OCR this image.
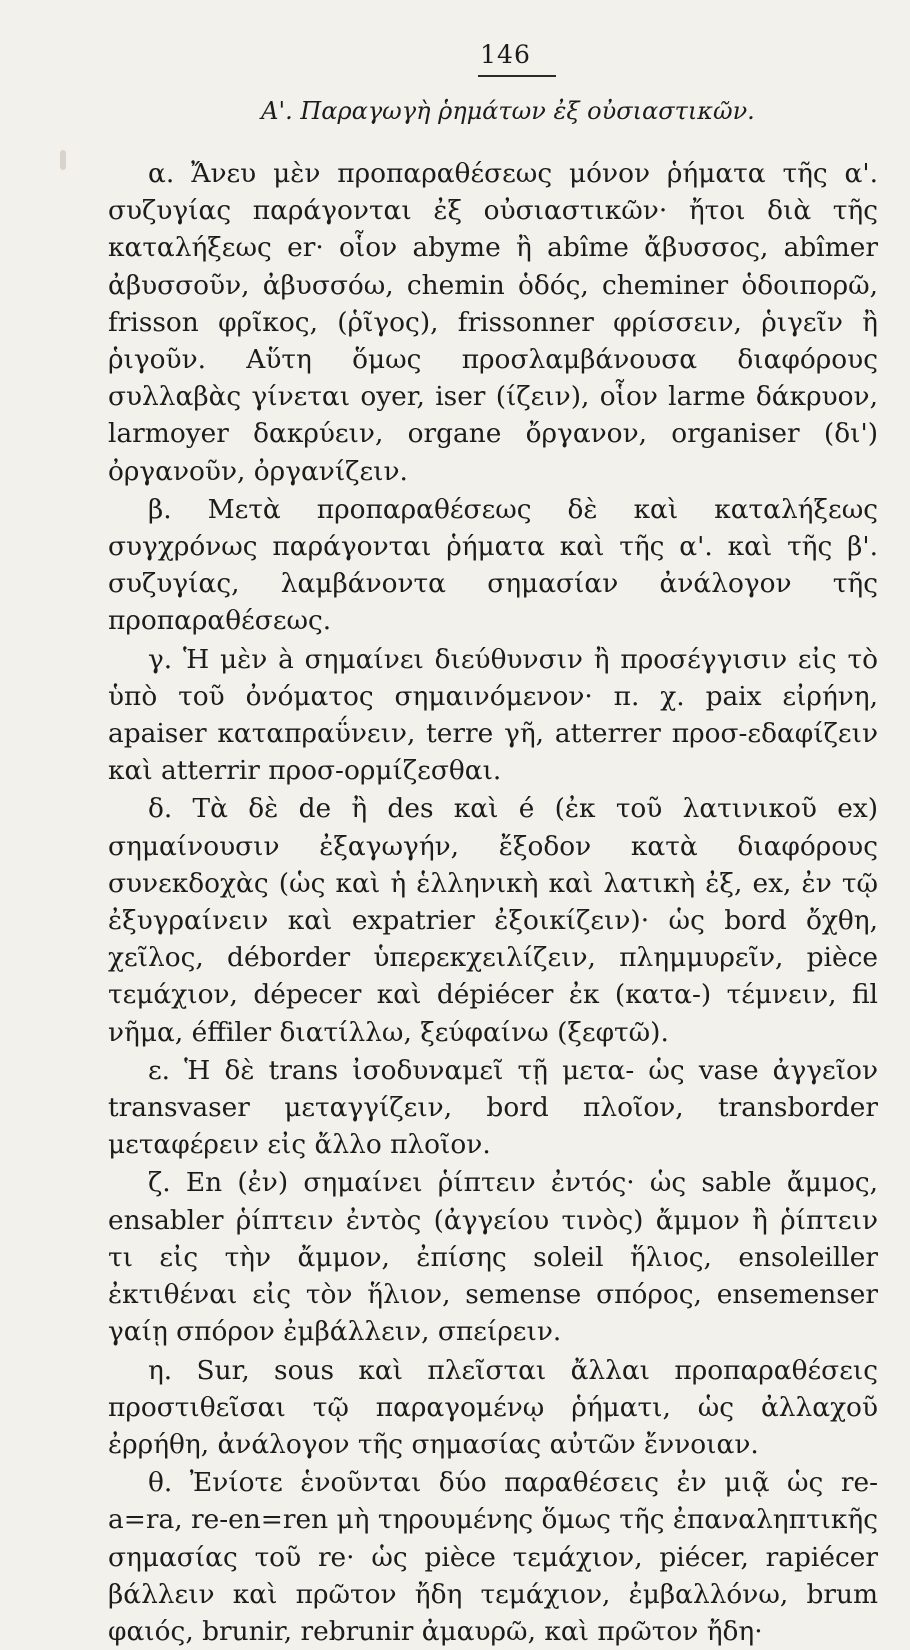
146
Α'. Παραγωγὴ ῥημάτων ἐξ οὐσιαστικῶν.

α. Ἄνευ μὲν προπαραθέσεως μόνον ῥήματα τῆς α'. συζυγίας παράγονται ἐξ οὐσιαστικῶν· ἤτοι διὰ τῆς καταλήξεως er· οἷον abyme ἢ abîme ἄβυσσος, abîmer ἀβυσσοῦν, ἀβυσσόω, chemin ὁδός, cheminer ὁδοιπορῶ, frisson φρῖκος, (ῥῖγος), frissonner φρίσσειν, ῥιγεῖν ἢ ῥιγοῦν. Αὕτη ὅμως προσλαμβάνουσα διαφόρους συλλαβὰς γίνεται oyer, iser (ίζειν), οἷον larme δάκρυον, larmoyer δακρύειν, organe ὄργανον, organiser (δι') ὀργανοῦν, ὀργανίζειν.

β. Μετὰ προπαραθέσεως δὲ καὶ καταλήξεως συγχρόνως παράγονται ῥήματα καὶ τῆς α'. καὶ τῆς β'. συζυγίας, λαμβάνοντα σημασίαν ἀνάλογον τῆς προπαραθέσεως.

γ. Ἡ μὲν à σημαίνει διεύθυνσιν ἢ προσέγγισιν εἰς τὸ ὑπὸ τοῦ ὀνόματος σημαινόμενον· π. χ. paix εἰρήνη, apaiser καταπραΰνειν, terre γῆ, atterrer προσ-εδαφίζειν καὶ atterrir προσ-ορμίζεσθαι.

δ. Τὰ δὲ de ἢ des καὶ é (ἐκ τοῦ λατινικοῦ ex) σημαίνουσιν ἐξαγωγήν, ἔξοδον κατὰ διαφόρους συνεκδοχὰς (ὡς καὶ ἡ ἑλληνικὴ καὶ λατικὴ ἐξ, ex, ἐν τῷ ἐξυγραίνειν καὶ expatrier ἐξοικίζειν)· ὡς bord ὄχθη, χεῖλος, déborder ὑπερεκχειλίζειν, πλημμυρεῖν, pièce τεμάχιον, dépecer καὶ dépiécer ἐκ (κατα-) τέμνειν, fil νῆμα, éffiler διατίλλω, ξεύφαίνω (ξεφτῶ).

ε. Ἡ δὲ trans ἰσοδυναμεῖ τῇ μετα- ὡς vase ἀγγεῖον transvaser μεταγγίζειν, bord πλοῖον, transborder μεταφέρειν εἰς ἄλλο πλοῖον.

ζ. En (ἐν) σημαίνει ῥίπτειν ἐντός· ὡς sable ἄμμος, ensabler ῥίπτειν ἐντὸς (ἀγγείου τινὸς) ἄμμον ἢ ῥίπτειν τι εἰς τὴν ἄμμον, ἐπίσης soleil ἥλιος, ensoleiller ἐκτιθέναι εἰς τὸν ἥλιον, semense σπόρος, ensemenser γαίῃ σπόρον ἐμβάλλειν, σπείρειν.

η. Sur, sous καὶ πλεῖσται ἄλλαι προπαραθέσεις προστιθεῖσαι τῷ παραγομένῳ ῥήματι, ὡς ἀλλαχοῦ ἐρρήθη, ἀνάλογον τῆς σημασίας αὐτῶν ἔννοιαν.

θ. Ἐνίοτε ἑνοῦνται δύο παραθέσεις ἐν μιᾷ ὡς re-a=ra, re-en=ren μὴ τηρουμένης ὅμως τῆς ἐπαναληπτικῆς σημασίας τοῦ re· ὡς pièce τεμάχιον, piécer, rapiécer βάλλειν καὶ πρῶτον ἤδη τεμάχιον, ἐμβαλλόνω, brum φαιός, brunir, rebrunir ἀμαυρῶ, καὶ πρῶτον ἤδη·
